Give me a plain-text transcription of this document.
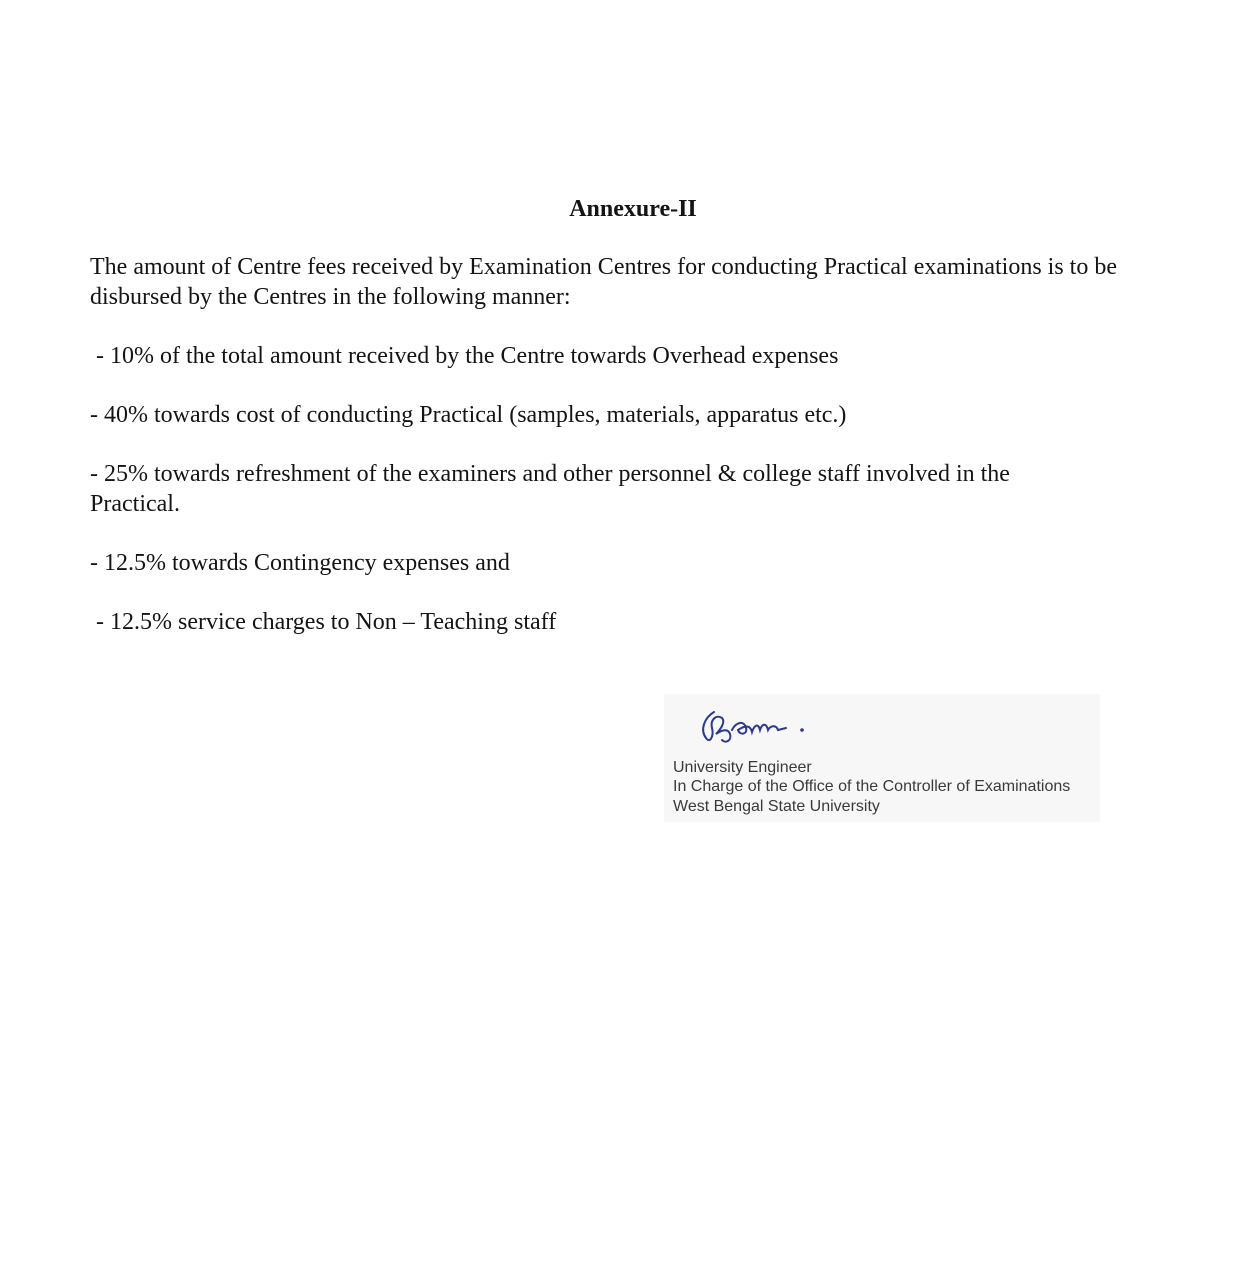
Annexure-II

The amount of Centre fees received by Examination Centres for conducting Practical examinations is to be disbursed by the Centres in the following manner:

- 10% of the total amount received by the Centre towards Overhead expenses

- 40% towards cost of conducting Practical (samples, materials, apparatus etc.)

- 25% towards refreshment of the examiners and other personnel & college staff involved in the Practical.

- 12.5% towards Contingency expenses and

- 12.5% service charges to Non – Teaching staff

University Engineer
In Charge of the Office of the Controller of Examinations
West Bengal State University
